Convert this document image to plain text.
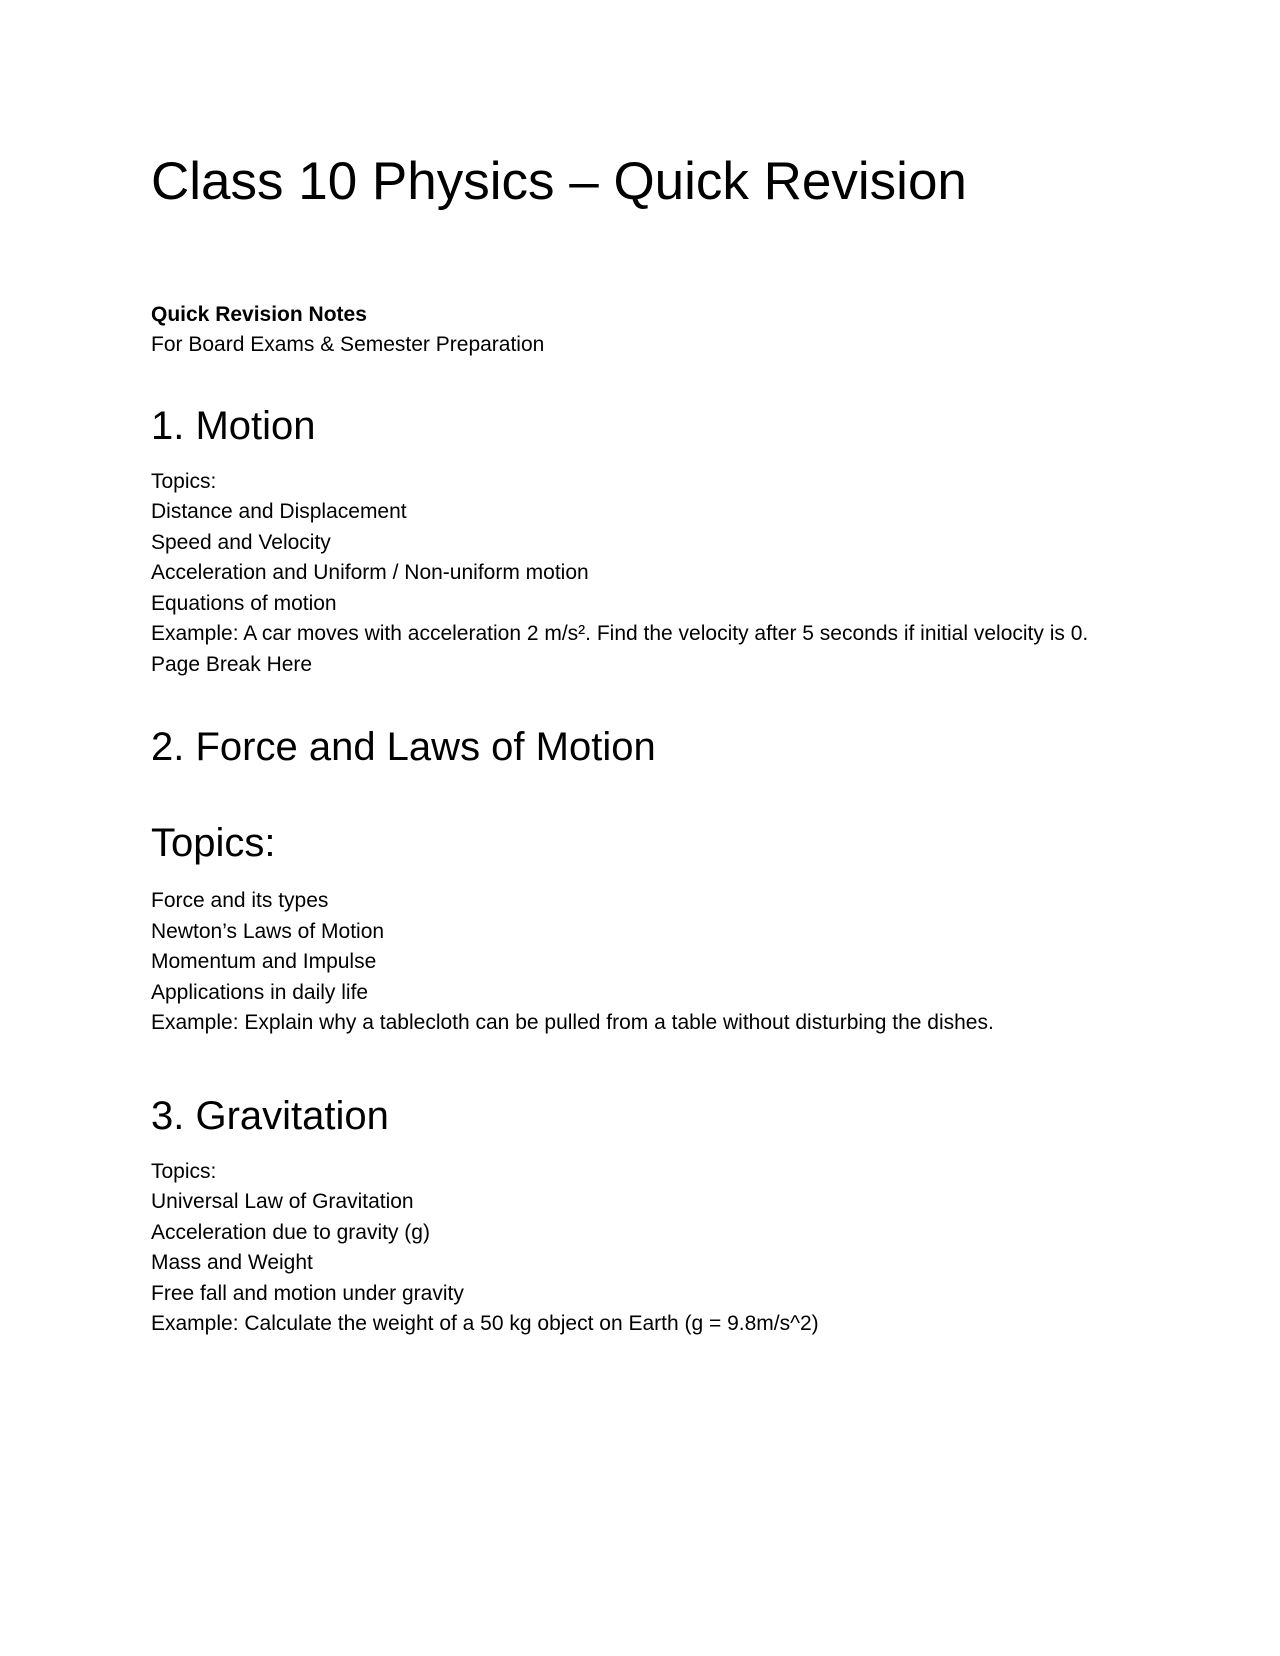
Class 10 Physics – Quick Revision

Quick Revision Notes

For Board Exams & Semester Preparation

1. Motion

Topics:

Distance and Displacement

Speed and Velocity

Acceleration and Uniform / Non-uniform motion

Equations of motion

Example: A car moves with acceleration 2 m/s². Find the velocity after 5 seconds if initial velocity is 0.

Page Break Here

2. Force and Laws of Motion
Topics:

Force and its types

Newton’s Laws of Motion

Momentum and Impulse

Applications in daily life

Example: Explain why a tablecloth can be pulled from a table without disturbing the dishes.

3. Gravitation

Topics:

Universal Law of Gravitation

Acceleration due to gravity (g)

Mass and Weight

Free fall and motion under gravity

Example: Calculate the weight of a 50 kg object on Earth (g = 9.8m/s^2)
